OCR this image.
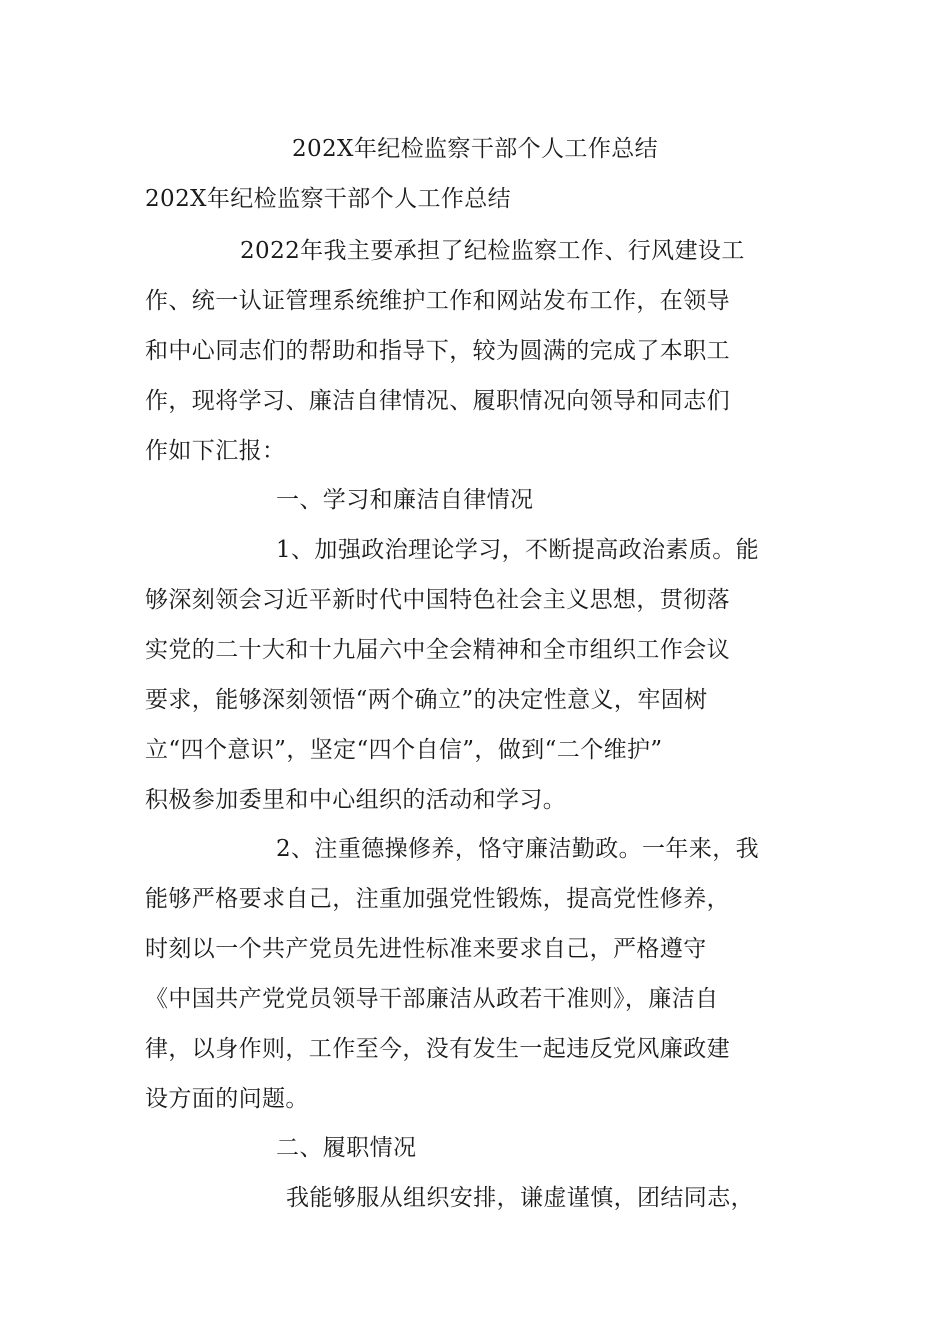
202X年纪检监察干部个人工作总结
202X年纪检监察干部个人工作总结
2022年我主要承担了纪检监察工作、行风建设工
作、统一认证管理系统维护工作和网站发布工作，在领导
和中心同志们的帮助和指导下，较为圆满的完成了本职工
作，现将学习、廉洁自律情况、履职情况向领导和同志们
作如下汇报：
一、学习和廉洁自律情况
1、加强政治理论学习，不断提高政治素质。能
够深刻领会习近平新时代中国特色社会主义思想，贯彻落
实党的二十大和十九届六中全会精神和全市组织工作会议
要求，能够深刻领悟“两个确立”的决定性意义，牢固树
立“四个意识”，坚定“四个自信”，做到“二个维护”
积极参加委里和中心组织的活动和学习。
2、注重德操修养，恪守廉洁勤政。一年来，我
能够严格要求自己，注重加强党性锻炼，提高党性修养，
时刻以一个共产党员先进性标准来要求自己，严格遵守
《中国共产党党员领导干部廉洁从政若干准则》，廉洁自
律，以身作则，工作至今，没有发生一起违反党风廉政建
设方面的问题。
二、履职情况
我能够服从组织安排，谦虚谨慎，团结同志，
